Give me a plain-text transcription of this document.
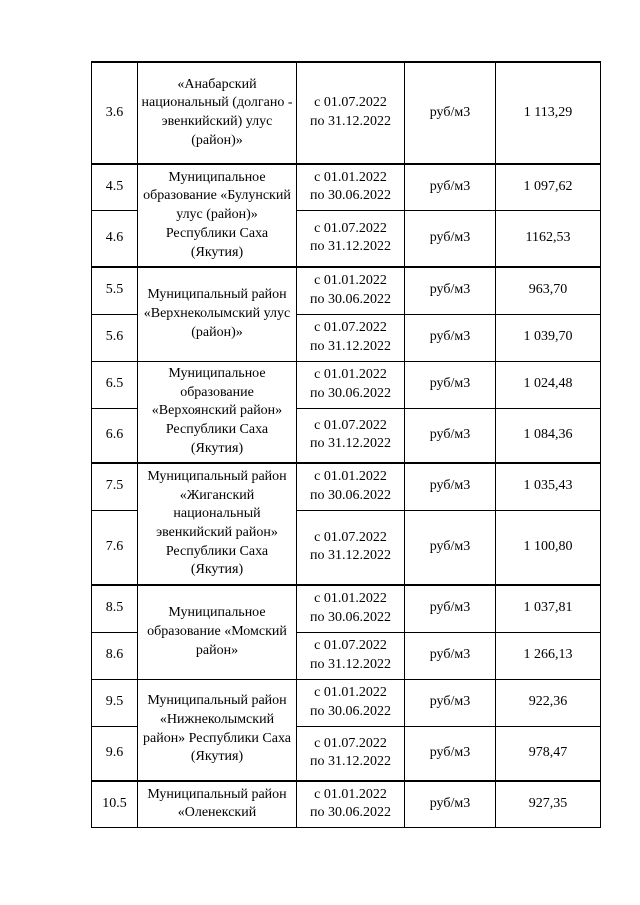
3.6	«Анабарский национальный (долгано - эвенкийский) улус (район)»	с 01.07.2022
по 31.12.2022	руб/м3	1 113,29
4.5	Муниципальное образование «Булунский улус (район)» Республики Саха (Якутия)	с 01.01.2022
по 30.06.2022	руб/м3	1 097,62
4.6		с 01.07.2022
по 31.12.2022	руб/м3	1162,53
5.5	Муниципальный район «Верхнеколымский улус (район)»	с 01.01.2022
по 30.06.2022	руб/м3	963,70
5.6		с 01.07.2022
по 31.12.2022	руб/м3	1 039,70
6.5	Муниципальное образование «Верхоянский район» Республики Саха (Якутия)	с 01.01.2022
по 30.06.2022	руб/м3	1 024,48
6.6		с 01.07.2022
по 31.12.2022	руб/м3	1 084,36
7.5	Муниципальный район «Жиганский национальный эвенкийский район» Республики Саха (Якутия)	с 01.01.2022
по 30.06.2022	руб/м3	1 035,43
7.6		с 01.07.2022
по 31.12.2022	руб/м3	1 100,80
8.5	Муниципальное образование «Момский район»	с 01.01.2022
по 30.06.2022	руб/м3	1 037,81
8.6		с 01.07.2022
по 31.12.2022	руб/м3	1 266,13
9.5	Муниципальный район «Нижнеколымский район» Республики Саха (Якутия)	с 01.01.2022
по 30.06.2022	руб/м3	922,36
9.6		с 01.07.2022
по 31.12.2022	руб/м3	978,47
10.5	Муниципальный район «Оленекский	с 01.01.2022
по 30.06.2022	руб/м3	927,35
